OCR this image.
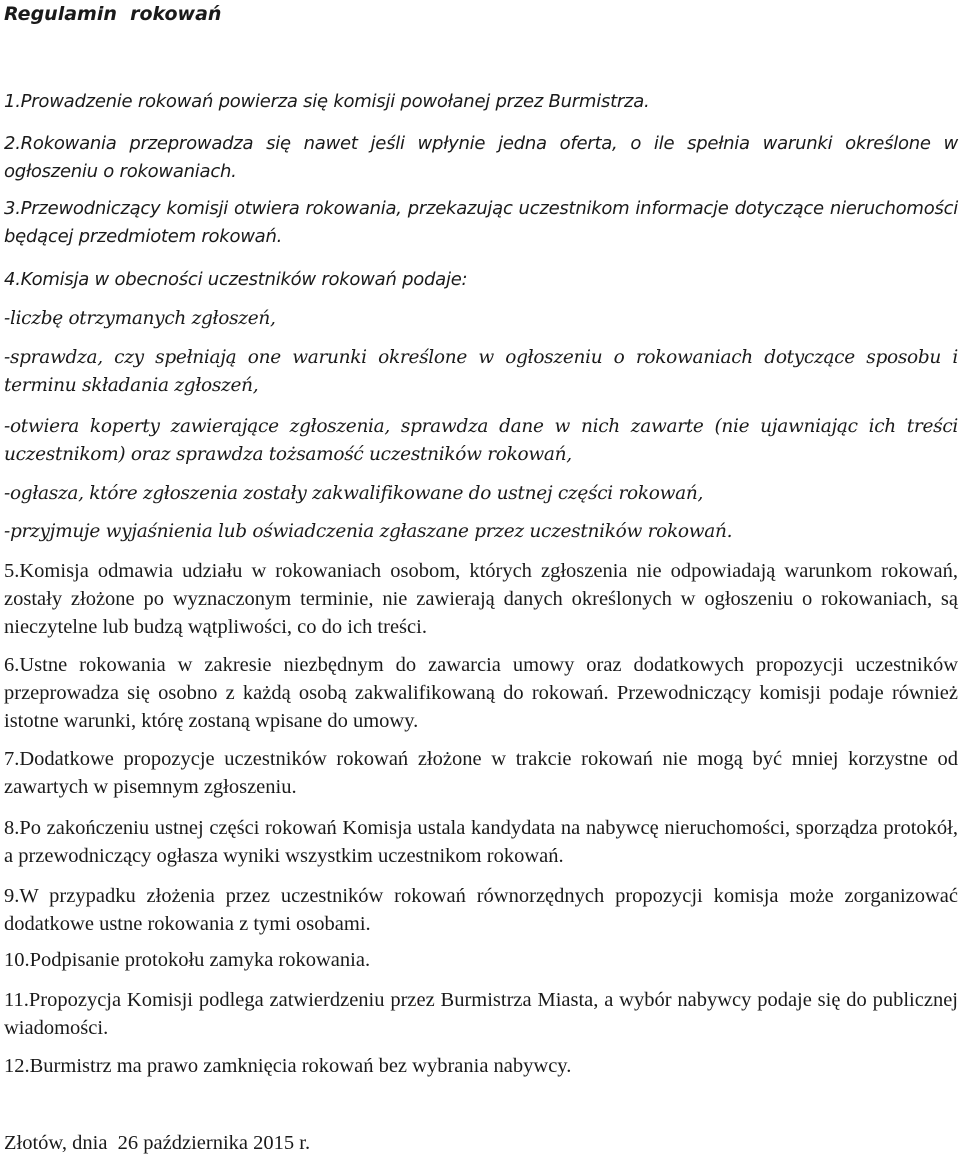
Regulamin  rokowań

1.Prowadzenie rokowań powierza się komisji powołanej przez Burmistrza.

2.Rokowania przeprowadza się nawet jeśli wpłynie jedna oferta, o ile spełnia warunki określone w ogłoszeniu o rokowaniach.

3.Przewodniczący komisji otwiera rokowania, przekazując uczestnikom informacje dotyczące nieruchomości będącej przedmiotem rokowań.

4.Komisja w obecności uczestników rokowań podaje:

-liczbę otrzymanych zgłoszeń,

-sprawdza, czy spełniają one warunki określone w ogłoszeniu o rokowaniach dotyczące sposobu i terminu składania zgłoszeń,

-otwiera koperty zawierające zgłoszenia, sprawdza dane w nich zawarte (nie ujawniając ich treści uczestnikom) oraz sprawdza tożsamość uczestników rokowań,

-ogłasza, które zgłoszenia zostały zakwalifikowane do ustnej części rokowań,

-przyjmuje wyjaśnienia lub oświadczenia zgłaszane przez uczestników rokowań.

5.Komisja odmawia udziału w rokowaniach osobom, których zgłoszenia nie odpowiadają warunkom rokowań, zostały złożone po wyznaczonym terminie, nie zawierają danych określonych w ogłoszeniu o rokowaniach, są nieczytelne lub budzą wątpliwości, co do ich treści.

6.Ustne rokowania w zakresie niezbędnym do zawarcia umowy oraz dodatkowych propozycji uczestników przeprowadza się osobno z każdą osobą zakwalifikowaną do rokowań. Przewodniczący komisji podaje również istotne warunki, którę zostaną wpisane do umowy.

7.Dodatkowe propozycje uczestników rokowań złożone w trakcie rokowań nie mogą być mniej korzystne od zawartych w pisemnym zgłoszeniu.

8.Po zakończeniu ustnej części rokowań Komisja ustala kandydata na nabywcę nieruchomości, sporządza protokół, a przewodniczący ogłasza wyniki wszystkim uczestnikom rokowań.

9.W przypadku złożenia przez uczestników rokowań równorzędnych propozycji komisja może zorganizować dodatkowe ustne rokowania z tymi osobami.

10.Podpisanie protokołu zamyka rokowania.

11.Propozycja Komisji podlega zatwierdzeniu przez Burmistrza Miasta, a wybór nabywcy podaje się do publicznej wiadomości.

12.Burmistrz ma prawo zamknięcia rokowań bez wybrania nabywcy.

Złotów, dnia  26 października 2015 r.
